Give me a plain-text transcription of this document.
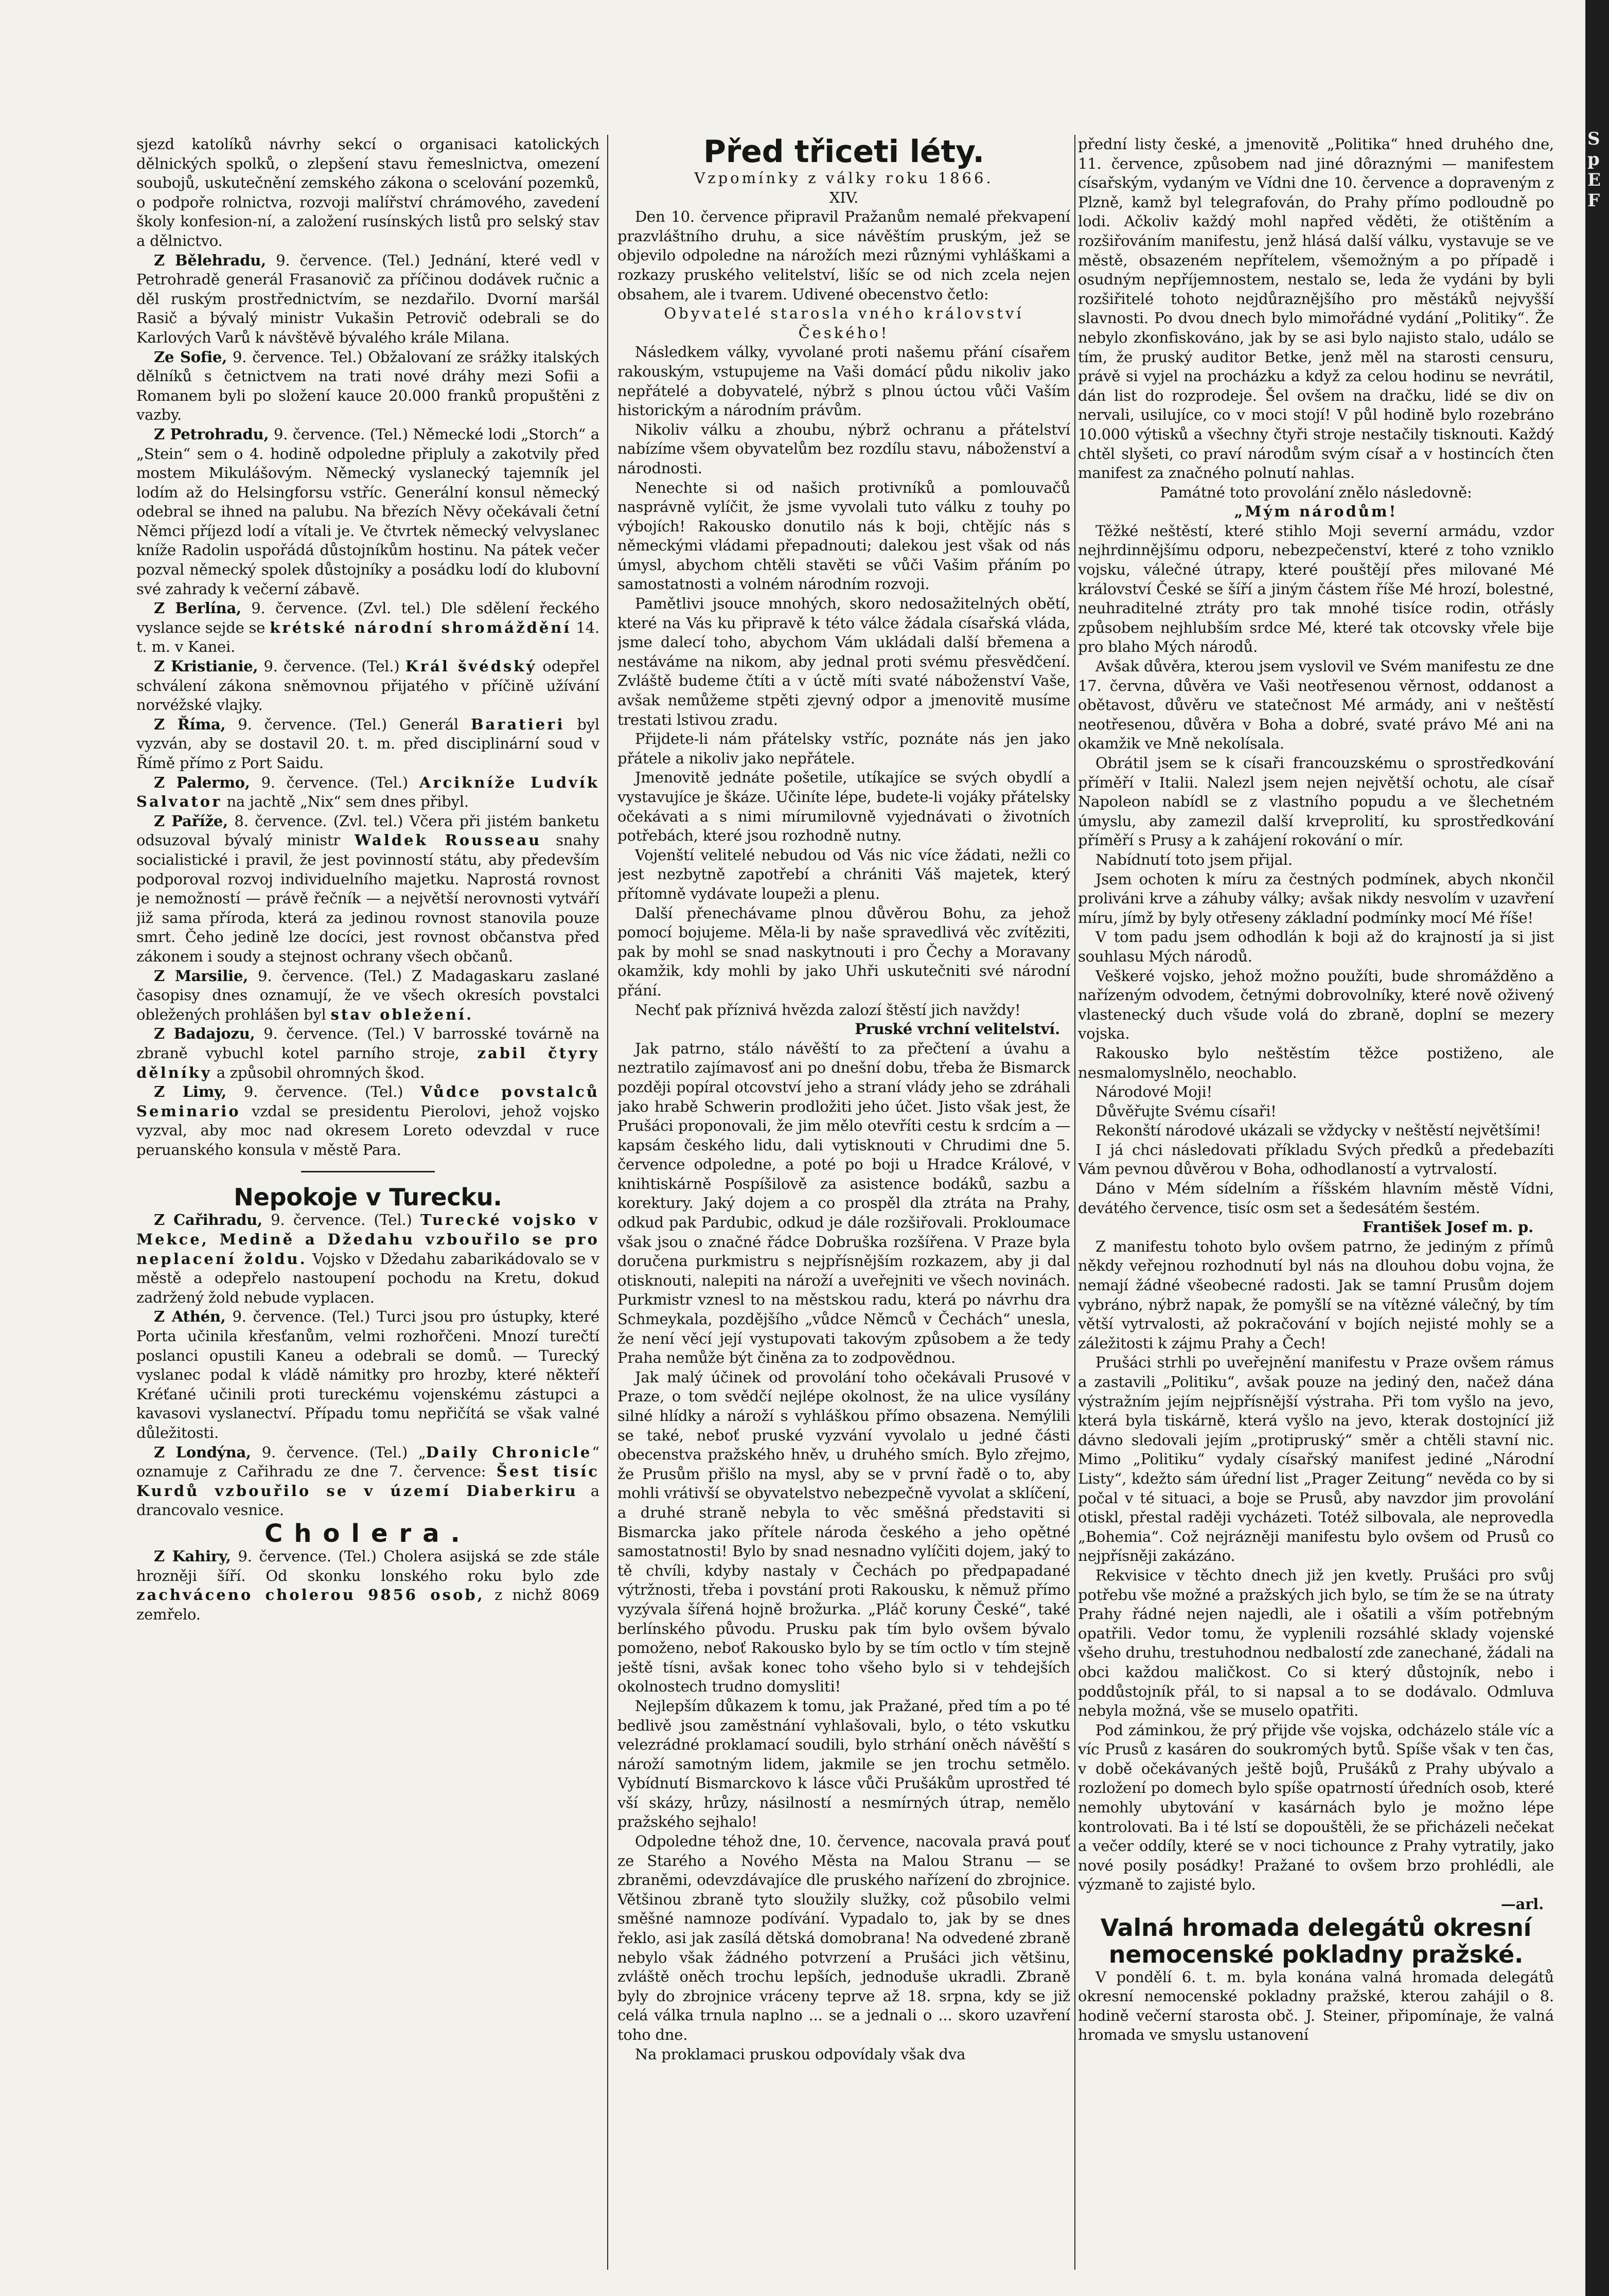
S
p
E
F

sjezd katolíků návrhy sekcí o organisaci katolických dělnických spolků, o zlepšení stavu řemeslnictva, omezení soubojů, uskutečnění zemského zákona o scelování pozemků, o podpoře rolnictva, rozvoji malířství chrámového, zavedení školy konfesion-ní, a založení rusínských listů pro selský stav a dělnictvo.

Z Bělehradu, 9. července. (Tel.) Jednání, které vedl v Petrohradě generál Frasanovič za příčinou dodávek ručnic a děl ruským prostřednictvím, se nezdařilo. Dvorní maršál Rasič a bývalý ministr Vukašin Petrovič odebrali se do Karlových Varů k návštěvě bývalého krále Milana.

Ze Sofie, 9. července. Tel.) Obžalovaní ze srážky italských dělníků s četnictvem na trati nové dráhy mezi Sofii a Romanem byli po složení kauce 20.000 franků propuštěni z vazby.

Z Petrohradu, 9. července. (Tel.) Německé lodi „Storch“ a „Stein“ sem o 4. hodině odpoledne připluly a zakotvily před mostem Mikulášovým. Německý vyslanecký tajemník jel lodím až do Helsingforsu vstříc. Generální konsul německý odebral se ihned na palubu. Na březích Něvy očekávali četní Němci příjezd lodí a vítali je. Ve čtvrtek německý velvyslanec kníže Radolin uspořádá důstojníkům hostinu. Na pátek večer pozval německý spolek důstojníky a posádku lodí do klubovní své zahrady k večerní zábavě.

Z Berlína, 9. července. (Zvl. tel.) Dle sdělení řeckého vyslance sejde se krétské národní shromáždění 14. t. m. v Kanei.

Z Kristianie, 9. července. (Tel.) Král švédský odepřel schválení zákona sněmovnou přijatého v příčině užívání norvéžské vlajky.

Z Říma, 9. července. (Tel.) Generál Baratieri byl vyzván, aby se dostavil 20. t. m. před disciplinární soud v Římě přímo z Port Saidu.

Z Palermo, 9. července. (Tel.) Arcikníže Ludvík Salvator na jachtě „Nix“ sem dnes přibyl.

Z Paříže, 8. července. (Zvl. tel.) Včera při jistém banketu odsuzoval bývalý ministr Waldek Rousseau snahy socialistické i pravil, že jest povinností státu, aby především podporoval rozvoj individuelního majetku. Naprostá rovnost je nemožností — právě řečník — a největší nerovnosti vytváří již sama příroda, která za jedinou rovnost stanovila pouze smrt. Čeho jedině lze docíci, jest rovnost občanstva před zákonem i soudy a stejnost ochrany všech občanů.

Z Marsilie, 9. července. (Tel.) Z Madagaskaru zaslané časopisy dnes oznamují, že ve všech okresích povstalci obležených prohlášen byl stav obležení.

Z Badajozu, 9. července. (Tel.) V barrosské továrně na zbraně vybuchl kotel parního stroje, zabil čtyry dělníky a způsobil ohromných škod.

Z Limy, 9. července. (Tel.) Vůdce povstalců Seminario vzdal se presidentu Pierolovi, jehož vojsko vyzval, aby moc nad okresem Loreto odevzdal v ruce peruanského konsula v městě Para.

Nepokoje v Turecku.

Z Cařihradu, 9. července. (Tel.) Turecké vojsko v Mekce, Medině a Džedahu vzbouřilo se pro neplacení žoldu. Vojsko v Džedahu zabarikádovalo se v městě a odepřelo nastoupení pochodu na Kretu, dokud zadržený žold nebude vyplacen.

Z Athén, 9. července. (Tel.) Turci jsou pro ústupky, které Porta učinila křesťanům, velmi rozhořčeni. Mnozí turečtí poslanci opustili Kaneu a odebrali se domů. — Turecký vyslanec podal k vládě námitky pro hrozby, které někteří Kréťané učinili proti tureckému vojenskému zástupci a kavasovi vyslanectví. Případu tomu nepřičítá se však valné důležitosti.

Z Londýna, 9. července. (Tel.) „Daily Chronicle“ oznamuje z Cařihradu ze dne 7. července: Šest tisíc Kurdů vzbouřilo se v území Diaberkiru a drancovalo vesnice.

Cholera.

Z Kahiry, 9. července. (Tel.) Cholera asijská se zde stále hrozněji šíří. Od skonku lonského roku bylo zde zachváceno cholerou 9856 osob, z nichž 8069 zemřelo.

Před třiceti léty.

Vzpomínky z války roku 1866.

XIV.

Den 10. července připravil Pražanům nemalé překvapení prazvláštního druhu, a sice návěštím pruským, jež se objevilo odpoledne na nárožích mezi různými vyhláškami a rozkazy pruského velitelství, lišíc se od nich zcela nejen obsahem, ale i tvarem. Udivené obecenstvo četlo:

Obyvatelé starosla vného království Českého!

Následkem války, vyvolané proti našemu přání císařem rakouským, vstupujeme na Vaši domácí půdu nikoliv jako nepřátelé a dobyvatelé, nýbrž s plnou úctou vůči Vaším historickým a národním právům.

Nikoliv válku a zhoubu, nýbrž ochranu a přátelství nabízíme všem obyvatelům bez rozdílu stavu, náboženství a národnosti.

Nenechte si od našich protivníků a pomlouvačů nasprávně vylíčit, že jsme vyvolali tuto válku z touhy po výbojích! Rakousko donutilo nás k boji, chtějíc nás s německými vládami přepadnouti; dalekou jest však od nás úmysl, abychom chtěli stavěti se vůči Vašim přáním po samostatnosti a volném národním rozvoji.

Pamětlivi jsouce mnohých, skoro nedosažitelných obětí, které na Vás ku připravě k této válce žádala císařská vláda, jsme dalecí toho, abychom Vám ukládali další břemena a nestáváme na nikom, aby jednal proti svému přesvědčení. Zvláště budeme čtíti a v úctě míti svaté náboženství Vaše, avšak nemůžeme stpěti zjevný odpor a jmenovitě musíme trestati lstivou zradu.

Přijdete-li nám přátelsky vstříc, poznáte nás jen jako přátele a nikoliv jako nepřátele.

Jmenovitě jednáte pošetile, utíkajíce se svých obydlí a vystavujíce je škáze. Učiníte lépe, budete-li vojáky přátelsky očekávati a s nimi mírumilovně vyjednávati o životních potřebách, které jsou rozhodně nutny.

Vojenští velitelé nebudou od Vás nic více žádati, nežli co jest nezbytně zapotřebí a chrániti Váš majetek, který přítomně vydávate loupeži a plenu.

Další přenechávame plnou důvěrou Bohu, za jehož pomocí bojujeme. Měla-li by naše spravedlivá věc zvítěziti, pak by mohl se snad naskytnouti i pro Čechy a Moravany okamžik, kdy mohli by jako Uhři uskutečniti své národní přání.

Nechť pak příznivá hvězda zalozí štěstí jich navždy!

Pruské vrchní velitelství.

Jak patrno, stálo návěští to za přečtení a úvahu a neztratilo zajímavosť ani po dnešní dobu, třeba že Bismarck později popíral otcovství jeho a straní vlády jeho se zdráhali jako hrabě Schwerin prodložiti jeho účet. Jisto však jest, že Prušáci proponovali, že jim mělo otevříti cestu k srdcím a — kapsám českého lidu, dali vytisknouti v Chrudimi dne 5. července odpoledne, a poté po boji u Hradce Králové, v knihtiskárně Pospíšilově za asistence bodáků, sazbu a korektury. Jaký dojem a co prospěl dla ztráta na Prahy, odkud pak Pardubic, odkud je dále rozšiřovali. Prokloumace však jsou o značné řádce Dobruška rozšířena. V Praze byla doručena purkmistru s nejpřísnějším rozkazem, aby ji dal otisknouti, nalepiti na nároží a uveřejniti ve všech novinách. Purkmistr vznesl to na městskou radu, která po návrhu dra Schmeykala, pozdějšího „vůdce Němců v Čechách“ unesla, že není věcí její vystupovati takovým způsobem a že tedy Praha nemůže být činěna za to zodpovědnou.

Jak malý účinek od provolání toho očekávali Prusové v Praze, o tom svědčí nejlépe okolnost, že na ulice vysílány silné hlídky a nároží s vyhláškou přímo obsazena. Nemýlili se také, neboť pruské vyzvání vyvolalo u jedné části obecenstva pražského hněv, u druhého smích. Bylo zřejmo, že Prusům přišlo na mysl, aby se v první řadě o to, aby mohli vrátivší se obyvatelstvo nebezpečně vyvolat a sklíčení, a druhé straně nebyla to věc směšná představiti si Bismarcka jako přítele národa českého a jeho opětné samostatnosti! Bylo by snad nesnadno vylíčiti dojem, jaký to tě chvíli, kdyby nastaly v Čechách po předpapadané výtržnosti, třeba i povstání proti Rakousku, k němuž přímo vyzývala šířená hojně brožurka. „Pláč koruny České“, také berlínského původu. Prusku pak tím bylo ovšem bývalo pomoženo, neboť Rakousko bylo by se tím octlo v tím stejně ještě tísni, avšak konec toho všeho bylo si v tehdejších okolnostech trudno domysliti!

Nejlepším důkazem k tomu, jak Pražané, před tím a po té bedlivě jsou zaměstnání vyhlašovali, bylo, o této vskutku velezrádné proklamací soudili, bylo strhání oněch návěští s nároží samotným lidem, jakmile se jen trochu setmělo. Vybídnutí Bismarckovo k lásce vůči Prušákům uprostřed té vší skázy, hrůzy, násilností a nesmírných útrap, nemělo pražského sejhalo!

Odpoledne téhož dne, 10. července, nacovala pravá pouť ze Starého a Nového Města na Malou Stranu — se zbraněmi, odevzdávajíce dle pruského nařízení do zbrojnice. Většinou zbraně tyto sloužily služky, což působilo velmi směšné namnoze podívání. Vypadalo to, jak by se dnes řeklo, asi jak zasílá dětská domobrana! Na odvedené zbraně nebylo však žádného potvrzení a Prušáci jich většinu, zvláště oněch trochu lepších, jednoduše ukradli. Zbraně byly do zbrojnice vráceny teprve až 18. srpna, kdy se již celá válka trnula naplno ... se a jednali o ... skoro uzavření toho dne.

Na proklamaci pruskou odpovídaly však dva

přední listy české, a jmenovitě „Politika“ hned druhého dne, 11. července, způsobem nad jiné dôraznými — manifestem císařským, vydaným ve Vídni dne 10. července a dopraveným z Plzně, kamž byl telegrafován, do Prahy přímo podloudně po lodi. Ačkoliv každý mohl napřed věděti, že otištěním a rozšiřováním manifestu, jenž hlásá další válku, vystavuje se ve městě, obsazeném nepřítelem, všemožným a po případě i osudným nepříjemnostem, nestalo se, leda že vydáni by byli rozšiřitelé tohoto nejdůraznějšího pro městáků nejvyšší slavnosti. Po dvou dnech bylo mimořádné vydání „Politiky“. Že nebylo zkonfiskováno, jak by se asi bylo najisto stalo, událo se tím, že pruský auditor Betke, jenž měl na starosti censuru, právě si vyjel na procházku a když za celou hodinu se nevrátil, dán list do rozprodeje. Šel ovšem na dračku, lidé se div on nervali, usilujíce, co v moci stojí! V půl hodině bylo rozebráno 10.000 výtisků a všechny čtyři stroje nestačily tisknouti. Každý chtěl slyšeti, co praví národům svým císař a v hostincích čten manifest za značného polnutí nahlas.

Památné toto provolání znělo následovně:

„Mým národům!

Těžké neštěstí, které stihlo Moji severní armádu, vzdor nejhrdinnějšímu odporu, nebezpečenství, které z toho vzniklo vojsku, válečné útrapy, které pouštějí přes milované Mé království České se šíří a jiným částem říše Mé hrozí, bolestné, neuhraditelné ztráty pro tak mnohé tisíce rodin, otřásly způsobem nejhlubším srdce Mé, které tak otcovsky vřele bije pro blaho Mých národů.

Avšak důvěra, kterou jsem vyslovil ve Svém manifestu ze dne 17. června, důvěra ve Vaši neotřesenou věrnost, oddanost a obětavost, důvěru ve statečnost Mé armády, ani v neštěstí neotřesenou, důvěra v Boha a dobré, svaté právo Mé ani na okamžik ve Mně nekolísala.

Obrátil jsem se k císaři francouzskému o sprostředkování příměří v Italii. Nalezl jsem nejen největší ochotu, ale císař Napoleon nabídl se z vlastního popudu a ve šlechetném úmyslu, aby zamezil další krveprolití, ku sprostředkování příměří s Prusy a k zahájení rokování o mír.

Nabídnutí toto jsem přijal.

Jsem ochoten k míru za čestných podmínek, abych nkončil proliváni krve a záhuby války; avšak nikdy nesvolím v uzavření míru, jímž by byly otřeseny základní podmínky mocí Mé říše!

V tom padu jsem odhodlán k boji až do krajností ja si jist souhlasu Mých národů.

Veškeré vojsko, jehož možno použíti, bude shromážděno a nařízeným odvodem, četnými dobrovolníky, které nově oživený vlastenecký duch všude volá do zbraně, doplní se mezery vojska.

Rakousko bylo neštěstím těžce postiženo, ale nesmalomyslnělo, neochablo.

Národové Moji!

Důvěřujte Svému císaři!

Rekonští národové ukázali se vždycky v neštěstí největšími!

I já chci následovati příkladu Svých předků a předebazíti Vám pevnou důvěrou v Boha, odhodlaností a vytrvalostí.

Dáno v Mém sídelním a říšském hlavním městě Vídni, devátého července, tisíc osm set a šedesátém šestém.

František Josef m. p.

Z manifestu tohoto bylo ovšem patrno, že jediným z přímů někdy veřejnou rozhodnutí byl nás na dlouhou dobu vojna, že nemají žádné všeobecné radosti. Jak se tamní Prusům dojem vybráno, nýbrž napak, že pomyšlí se na vítězné válečný, by tím větší vytrvalosti, až pokračování v bojích nejisté mohly se a záležitosti k zájmu Prahy a Čech!

Prušáci strhli po uveřejnění manifestu v Praze ovšem rámus a zastavili „Politiku“, avšak pouze na jediný den, načež dána výstražním jejím nejpřísnější výstraha. Při tom vyšlo na jevo, která byla tiskárně, která vyšlo na jevo, kterak dostojnící již dávno sledovali jejím „protipruský“ směr a chtěli stavní nic. Mimo „Politiku“ vydaly císařský manifest jediné „Národní Listy“, kdežto sám úřední list „Prager Zeitung“ nevěda co by si počal v té situaci, a boje se Prusů, aby navzdor jim provolání otiskl, přestal raději vycházeti. Totéž silbovala, ale neprovedla „Bohemia“. Což nejrázněji manifestu bylo ovšem od Prusů co nejpřísněji zakázáno.

Rekvisice v těchto dnech již jen kvetly. Prušáci pro svůj potřebu vše možné a pražských jich bylo, se tím že se na útraty Prahy řádné nejen najedli, ale i ošatili a vším potřebným opatřili. Vedor tomu, že vyplenili rozsáhlé sklady vojenské všeho druhu, trestuhodnou nedbalostí zde zanechané, žádali na obci každou maličkost. Co si který důstojník, nebo i poddůstojník přál, to si napsal a to se dodávalo. Odmluva nebyla možná, vše se muselo opatřiti.

Pod záminkou, že prý přijde vše vojska, odcházelo stále víc a víc Prusů z kasáren do soukromých bytů. Spíše však v ten čas, v době očekávaných ještě bojů, Prušáků z Prahy ubývalo a rozložení po domech bylo spíše opatrností úředních osob, které nemohly ubytování v kasárnách bylo je možno lépe kontrolovati. Ba i té lstí se dopouštěli, že se přicházeli nečekat a večer oddíly, které se v noci tichounce z Prahy vytratily, jako nové posily posádky! Pražané to ovšem brzo prohlédli, ale výzmaně to zajisté bylo.

—arl.

Valná hromada delegátů okresní nemocenské pokladny pražské.

V pondělí 6. t. m. byla konána valná hromada delegátů okresní nemocenské pokladny pražské, kterou zahájil o 8. hodině večerní starosta obč. J. Steiner, připomínaje, že valná hromada ve smyslu ustanovení
